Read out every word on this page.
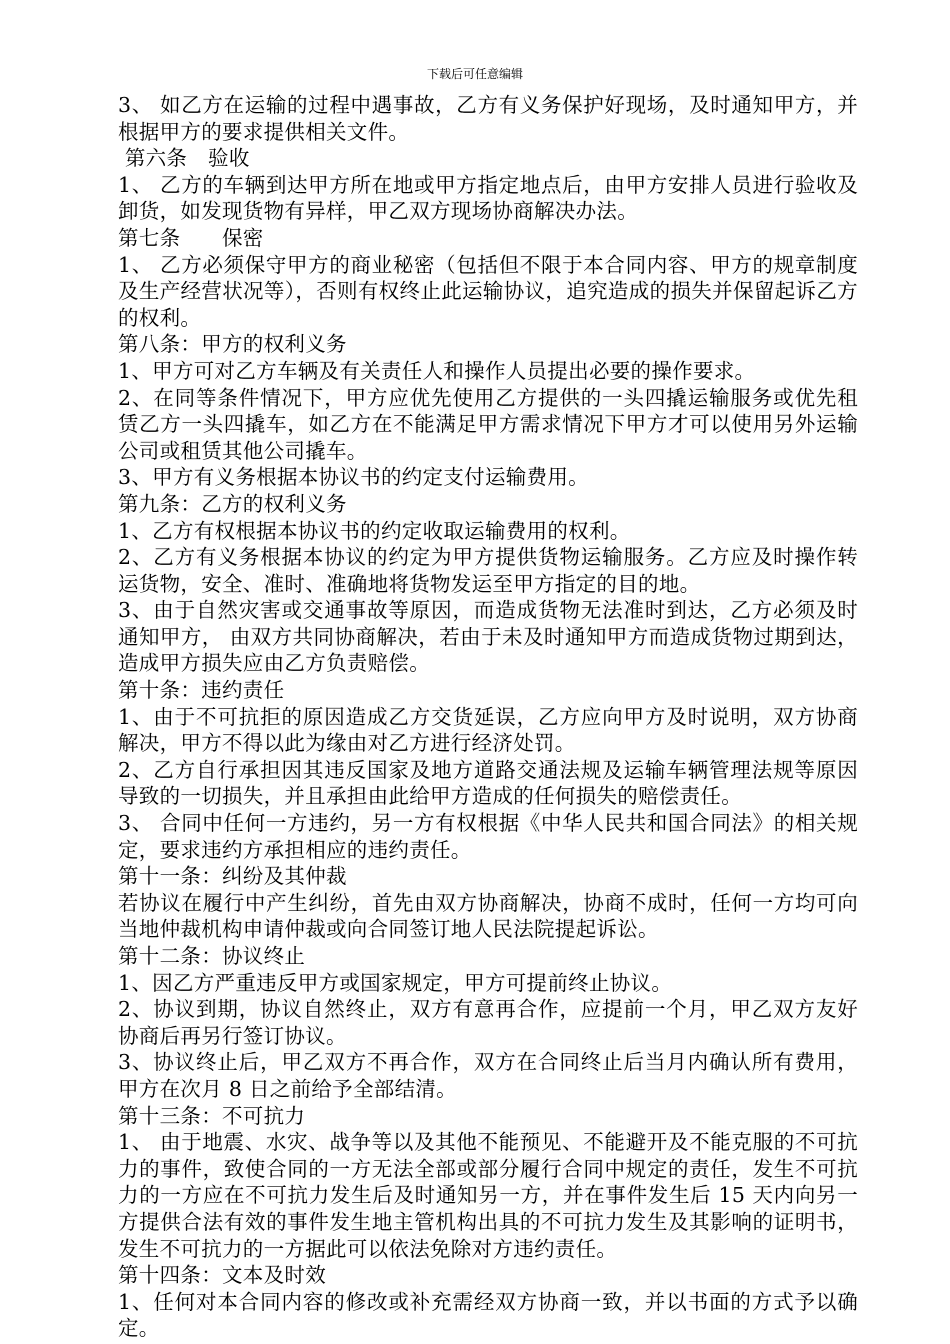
下载后可任意编辑

3、 如乙方在运输的过程中遇事故，乙方有义务保护好现场，及时通知甲方，并根据甲方的要求提供相关文件。

第六条　验收

1、 乙方的车辆到达甲方所在地或甲方指定地点后，由甲方安排人员进行验收及卸货，如发现货物有异样，甲乙双方现场协商解决办法。

第七条　　保密

1、 乙方必须保守甲方的商业秘密（包括但不限于本合同内容、甲方的规章制度及生产经营状况等），否则有权终止此运输协议，追究造成的损失并保留起诉乙方的权利。

第八条：甲方的权利义务

1、甲方可对乙方车辆及有关责任人和操作人员提出必要的操作要求。

2、在同等条件情况下，甲方应优先使用乙方提供的一头四撬运输服务或优先租赁乙方一头四撬车，如乙方在不能满足甲方需求情况下甲方才可以使用另外运输公司或租赁其他公司撬车。

3、甲方有义务根据本协议书的约定支付运输费用。

第九条：乙方的权利义务

1、乙方有权根据本协议书的约定收取运输费用的权利。

2、乙方有义务根据本协议的约定为甲方提供货物运输服务。乙方应及时操作转运货物，安全、准时、准确地将货物发运至甲方指定的目的地。

3、由于自然灾害或交通事故等原因，而造成货物无法准时到达，乙方必须及时通知甲方， 由双方共同协商解决，若由于未及时通知甲方而造成货物过期到达，造成甲方损失应由乙方负责赔偿。

第十条：违约责任

1、由于不可抗拒的原因造成乙方交货延误，乙方应向甲方及时说明，双方协商解决，甲方不得以此为缘由对乙方进行经济处罚。

2、乙方自行承担因其违反国家及地方道路交通法规及运输车辆管理法规等原因导致的一切损失，并且承担由此给甲方造成的任何损失的赔偿责任。

3、 合同中任何一方违约，另一方有权根据《中华人民共和国合同法》的相关规定，要求违约方承担相应的违约责任。

第十一条：纠纷及其仲裁

若协议在履行中产生纠纷，首先由双方协商解决，协商不成时，任何一方均可向当地仲裁机构申请仲裁或向合同签订地人民法院提起诉讼。

第十二条：协议终止

1、因乙方严重违反甲方或国家规定，甲方可提前终止协议。

2、协议到期，协议自然终止，双方有意再合作，应提前一个月，甲乙双方友好协商后再另行签订协议。

3、协议终止后，甲乙双方不再合作，双方在合同终止后当月内确认所有费用，甲方在次月 8 日之前给予全部结清。

第十三条：不可抗力

1、 由于地震、水灾、战争等以及其他不能预见、不能避开及不能克服的不可抗力的事件，致使合同的一方无法全部或部分履行合同中规定的责任，发生不可抗力的一方应在不可抗力发生后及时通知另一方，并在事件发生后 15 天内向另一方提供合法有效的事件发生地主管机构出具的不可抗力发生及其影响的证明书，发生不可抗力的一方据此可以依法免除对方违约责任。

第十四条：文本及时效

1、任何对本合同内容的修改或补充需经双方协商一致，并以书面的方式予以确定。
